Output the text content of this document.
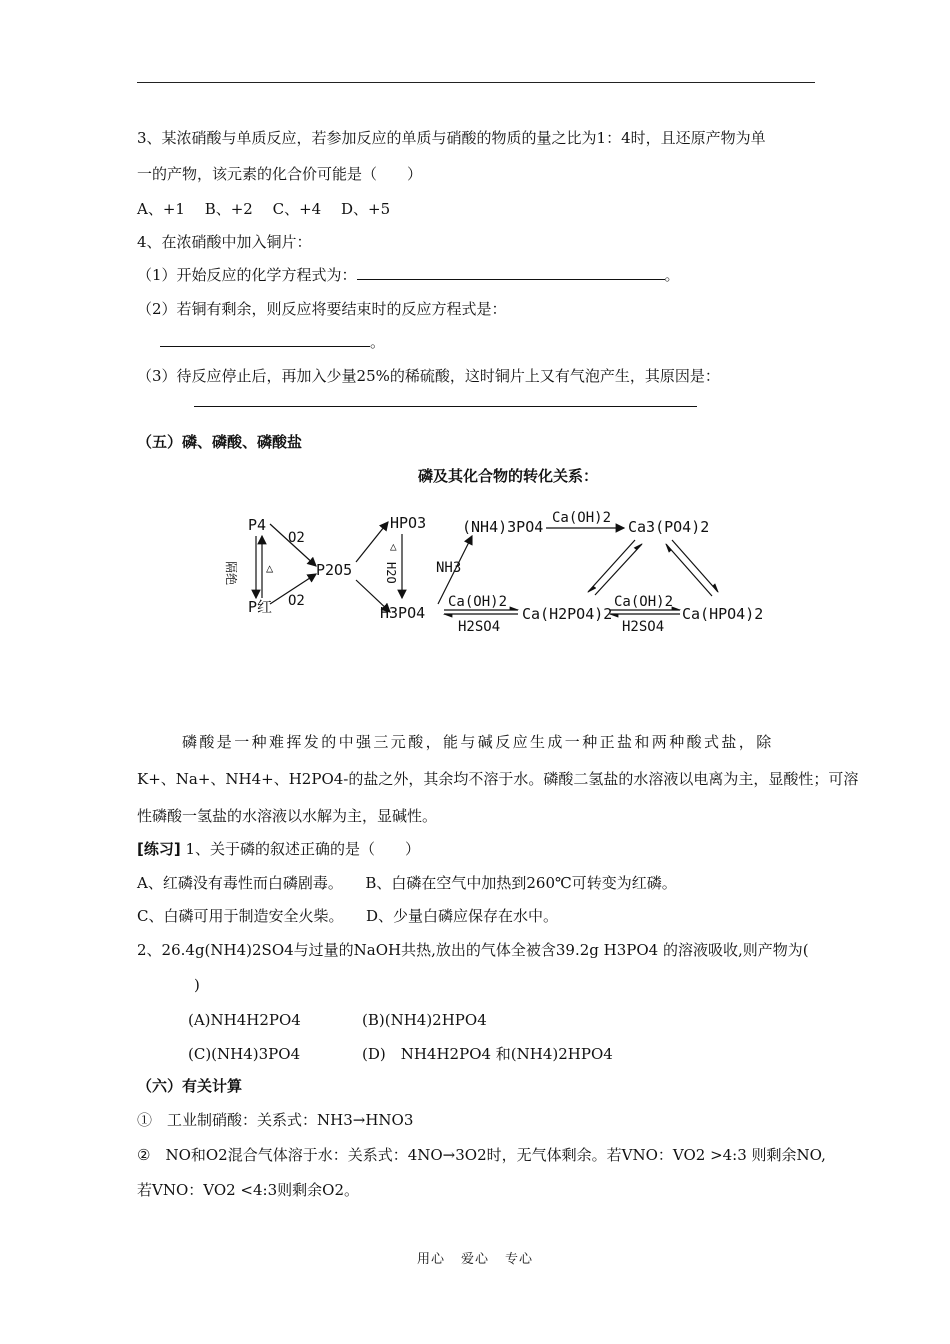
3、某浓硝酸与单质反应，若参加反应的单质与硝酸的物质的量之比为1：4时，且还原产物为单
一的产物，该元素的化合价可能是（　　）
A、+1　 B、+2　 C、+4　 D、+5
4、在浓硝酸中加入铜片：
（1）开始反应的化学方程式为：	。
（2）若铜有剩余，则反应将要结束时的反应方程式是：
。
（3）待反应停止后，再加入少量25%的稀硫酸，这时铜片上又有气泡产生，其原因是：
（五）磷、磷酸、磷酸盐
磷及其化合物的转化关系：
P4
P红
隔绝 △
O2
O2
P2O5
HPO3
△
H2O
H3PO4
NH3
(NH4)3PO4 Ca(OH)2 Ca3(PO4)2
Ca(OH)2
H2SO4
Ca(H2PO4)2
Ca(OH)2
H2SO4
Ca(HPO4)2
磷酸是一种难挥发的中强三元酸，能与碱反应生成一种正盐和两种酸式盐，除
K+、Na+、NH4+、H2PO4-的盐之外，其余均不溶于水。磷酸二氢盐的水溶液以电离为主，显酸性；可溶
性磷酸一氢盐的水溶液以水解为主，显碱性。
[练习] 1、关于磷的叙述正确的是（　　）
A、红磷没有毒性而白磷剧毒。　　B、白磷在空气中加热到260℃可转变为红磷。
C、白磷可用于制造安全火柴。　　D、少量白磷应保存在水中。
2、26.4g(NH4)2SO4与过量的NaOH共热,放出的气体全被含39.2g H3PO4 的溶液吸收,则产物为(
)
(A)NH4H2PO4	(B)(NH4)2HPO4
(C)(NH4)3PO4	(D)　NH4H2PO4 和(NH4)2HPO4
（六）有关计算
①　工业制硝酸：关系式：NH3→HNO3
②　NO和O2混合气体溶于水：关系式：4NO→3O2时，无气体剩余。若VNO：VO2 >4:3 则剩余NO,
若VNO：VO2 <4:3则剩余O2。
用心 爱心 专心
